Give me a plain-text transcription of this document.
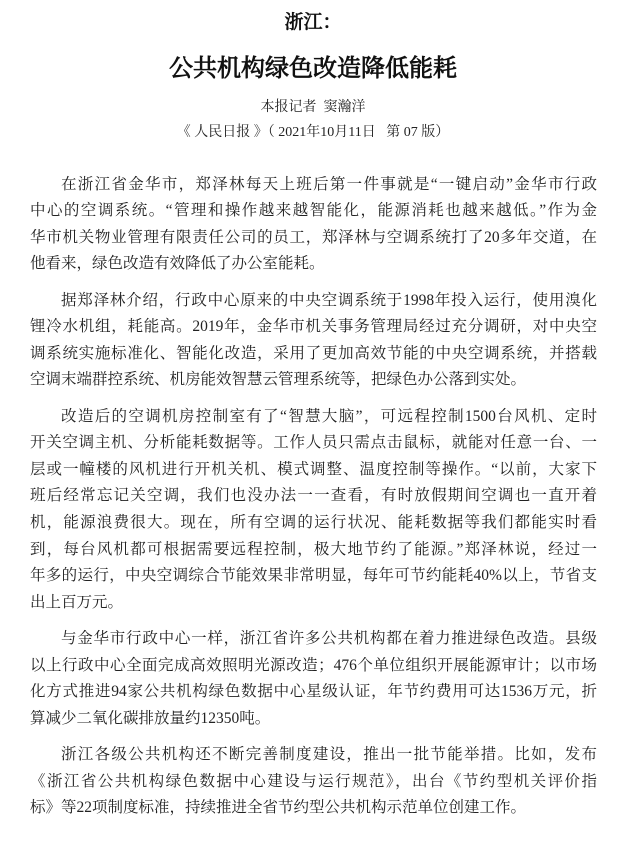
浙江：
公共机构绿色改造降低能耗
本报记者  窦瀚洋
《 人民日报 》（ 2021年10月11日   第 07 版）

在浙江省金华市，郑泽林每天上班后第一件事就是“一键启动”金华市行政
中心的空调系统。“管理和操作越来越智能化，能源消耗也越来越低。”作为金
华市机关物业管理有限责任公司的员工，郑泽林与空调系统打了20多年交道，在
他看来，绿色改造有效降低了办公室能耗。

据郑泽林介绍，行政中心原来的中央空调系统于1998年投入运行，使用溴化
锂冷水机组，耗能高。2019年，金华市机关事务管理局经过充分调研，对中央空
调系统实施标准化、智能化改造，采用了更加高效节能的中央空调系统，并搭载
空调末端群控系统、机房能效智慧云管理系统等，把绿色办公落到实处。

改造后的空调机房控制室有了“智慧大脑”，可远程控制1500台风机、定时
开关空调主机、分析能耗数据等。工作人员只需点击鼠标，就能对任意一台、一
层或一幢楼的风机进行开机关机、模式调整、温度控制等操作。“以前，大家下
班后经常忘记关空调，我们也没办法一一查看，有时放假期间空调也一直开着
机，能源浪费很大。现在，所有空调的运行状况、能耗数据等我们都能实时看
到，每台风机都可根据需要远程控制，极大地节约了能源。”郑泽林说，经过一
年多的运行，中央空调综合节能效果非常明显，每年可节约能耗40%以上，节省支
出上百万元。

与金华市行政中心一样，浙江省许多公共机构都在着力推进绿色改造。县级
以上行政中心全面完成高效照明光源改造；476个单位组织开展能源审计；以市场
化方式推进94家公共机构绿色数据中心星级认证，年节约费用可达1536万元，折
算减少二氧化碳排放量约12350吨。

浙江各级公共机构还不断完善制度建设，推出一批节能举措。比如，发布
《浙江省公共机构绿色数据中心建设与运行规范》，出台《节约型机关评价指
标》等22项制度标准，持续推进全省节约型公共机构示范单位创建工作。
